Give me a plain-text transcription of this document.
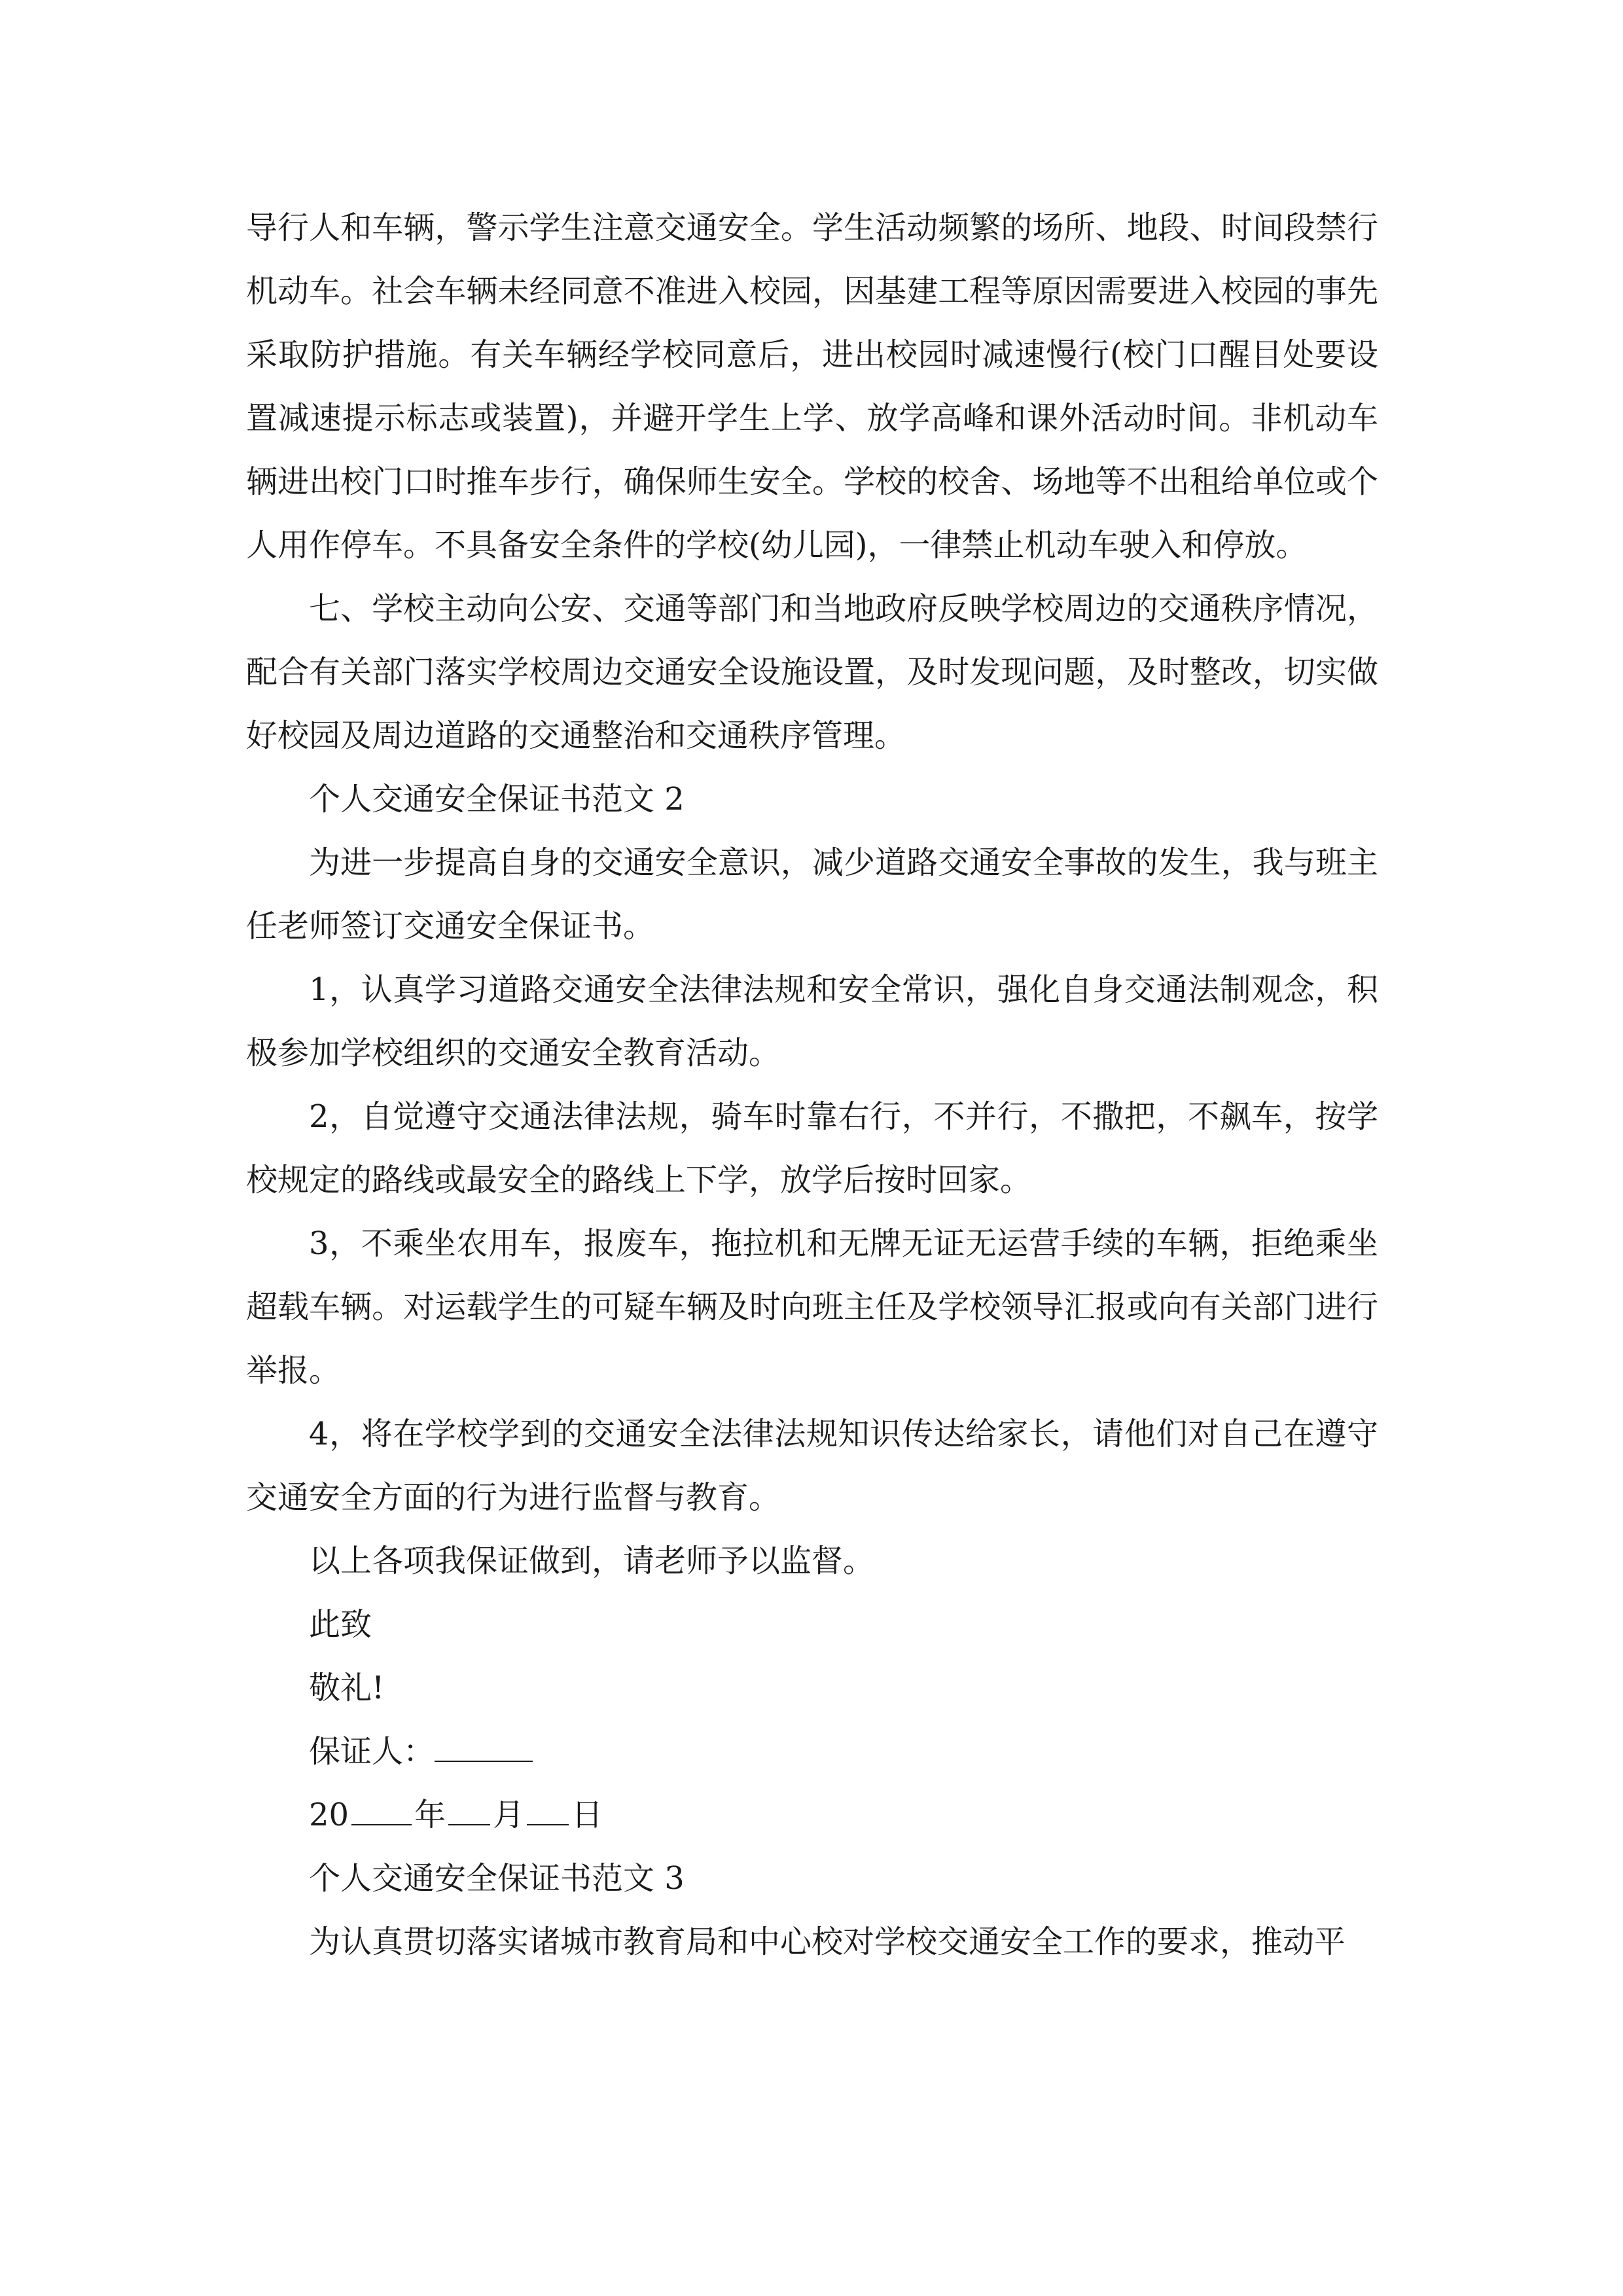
导行人和车辆，警示学生注意交通安全。学生活动频繁的场所、地段、时间段禁行机动车。社会车辆未经同意不准进入校园，因基建工程等原因需要进入校园的事先采取防护措施。有关车辆经学校同意后，进出校园时减速慢行(校门口醒目处要设置减速提示标志或装置)，并避开学生上学、放学高峰和课外活动时间。非机动车辆进出校门口时推车步行，确保师生安全。学校的校舍、场地等不出租给单位或个人用作停车。不具备安全条件的学校(幼儿园)，一律禁止机动车驶入和停放。

七、学校主动向公安、交通等部门和当地政府反映学校周边的交通秩序情况，配合有关部门落实学校周边交通安全设施设置，及时发现问题，及时整改，切实做好校园及周边道路的交通整治和交通秩序管理。

个人交通安全保证书范文 2

为进一步提高自身的交通安全意识，减少道路交通安全事故的发生，我与班主任老师签订交通安全保证书。

1，认真学习道路交通安全法律法规和安全常识，强化自身交通法制观念，积极参加学校组织的交通安全教育活动。

2，自觉遵守交通法律法规，骑车时靠右行，不并行，不撒把，不飙车，按学校规定的路线或最安全的路线上下学，放学后按时回家。

3，不乘坐农用车，报废车，拖拉机和无牌无证无运营手续的车辆，拒绝乘坐超载车辆。对运载学生的可疑车辆及时向班主任及学校领导汇报或向有关部门进行举报。

4，将在学校学到的交通安全法律法规知识传达给家长，请他们对自己在遵守交通安全方面的行为进行监督与教育。

以上各项我保证做到，请老师予以监督。

此致

敬礼!

保证人：

20 年 月 日

个人交通安全保证书范文 3

为认真贯切落实诸城市教育局和中心校对学校交通安全工作的要求，推动平
